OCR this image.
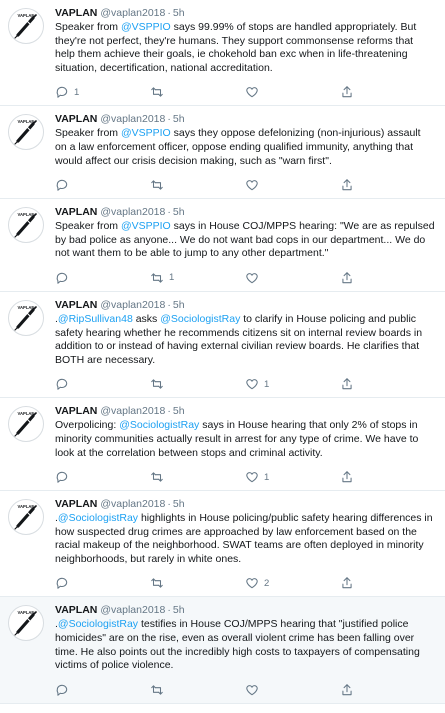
VAPLAN VAPLAN @vaplan2018 · 5h
Speaker from @VSPPIO says 99.99% of stops are handled appropriately. But they're not perfect, they're humans. They support commonsense reforms that help them achieve their goals, ie chokehold ban exc when in life-threatening situation, decertification, national accreditation.
1
VAPLAN VAPLAN @vaplan2018 · 5h
Speaker from @VSPPIO says they oppose defelonizing (non-injurious) assault on a law enforcement officer, oppose ending qualified immunity, anything that would affect our crisis decision making, such as "warn first".
VAPLAN VAPLAN @vaplan2018 · 5h
Speaker from @VSPPIO says in House COJ/MPPS hearing: "We are as repulsed by bad police as anyone... We do not want bad cops in our department... We do not want them to be able to jump to any other department."
1
VAPLAN VAPLAN @vaplan2018 · 5h
.@RipSullivan48 asks @SociologistRay to clarify in House policing and public safety hearing whether he recommends citizens sit on internal review boards in addition to or instead of having external civilian review boards. He clarifies that BOTH are necessary.
1
VAPLAN VAPLAN @vaplan2018 · 5h
Overpolicing: @SociologistRay says in House hearing that only 2% of stops in minority communities actually result in arrest for any type of crime. We have to look at the correlation between stops and criminal activity.
1
VAPLAN VAPLAN @vaplan2018 · 5h
.@SociologistRay highlights in House policing/public safety hearing differences in how suspected drug crimes are approached by law enforcement based on the racial makeup of the neighborhood. SWAT teams are often deployed in minority neighborhoods, but rarely in white ones.
2
VAPLAN VAPLAN @vaplan2018 · 5h
.@SociologistRay testifies in House COJ/MPPS hearing that "justified police homicides" are on the rise, even as overall violent crime has been falling over time. He also points out the incredibly high costs to taxpayers of compensating victims of police violence.
